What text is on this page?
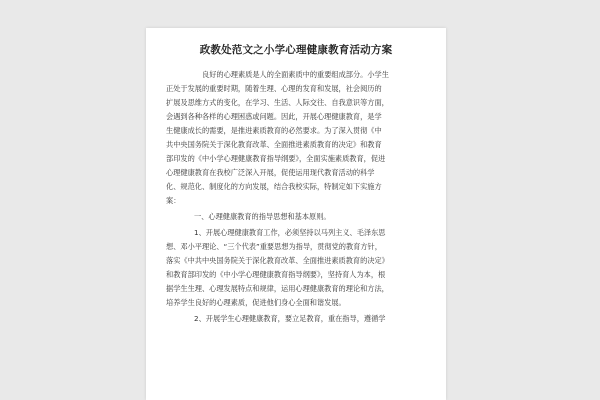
政教处范文之小学心理健康教育活动方案
良好的心理素质是人的全面素质中的重要组成部分。小学生
正处于发展的重要时期，随着生理、心理的发育和发展，社会阅历的
扩展及思维方式的变化，在学习、生活、人际交往、自我意识等方面，
会遇到各种各样的心理困惑或问题。因此，开展心理健康教育，是学
生健康成长的需要，是推进素质教育的必然要求。为了深入贯彻《中
共中央国务院关于深化教育改革、全面推进素质教育的决定》和教育
部印发的《中小学心理健康教育指导纲要》，全面实施素质教育，促进
心理健康教育在我校广泛深入开展，促使运用现代教育活动的科学
化、规范化、制度化的方向发展，结合我校实际，特制定如下实施方
案：
一、心理健康教育的指导思想和基本原则。
1、开展心理健康教育工作，必须坚持以马列主义、毛泽东思
想、邓小平理论、“三个代表”重要思想为指导，贯彻党的教育方针，
落实《中共中央国务院关于深化教育改革、全面推进素质教育的决定》
和教育部印发的《中小学心理健康教育指导纲要》，坚持育人为本，根
据学生生理、心理发展特点和规律，运用心理健康教育的理论和方法，
培养学生良好的心理素质，促进他们身心全面和谐发展。
2、开展学生心理健康教育，要立足教育，重在指导，遵循学
